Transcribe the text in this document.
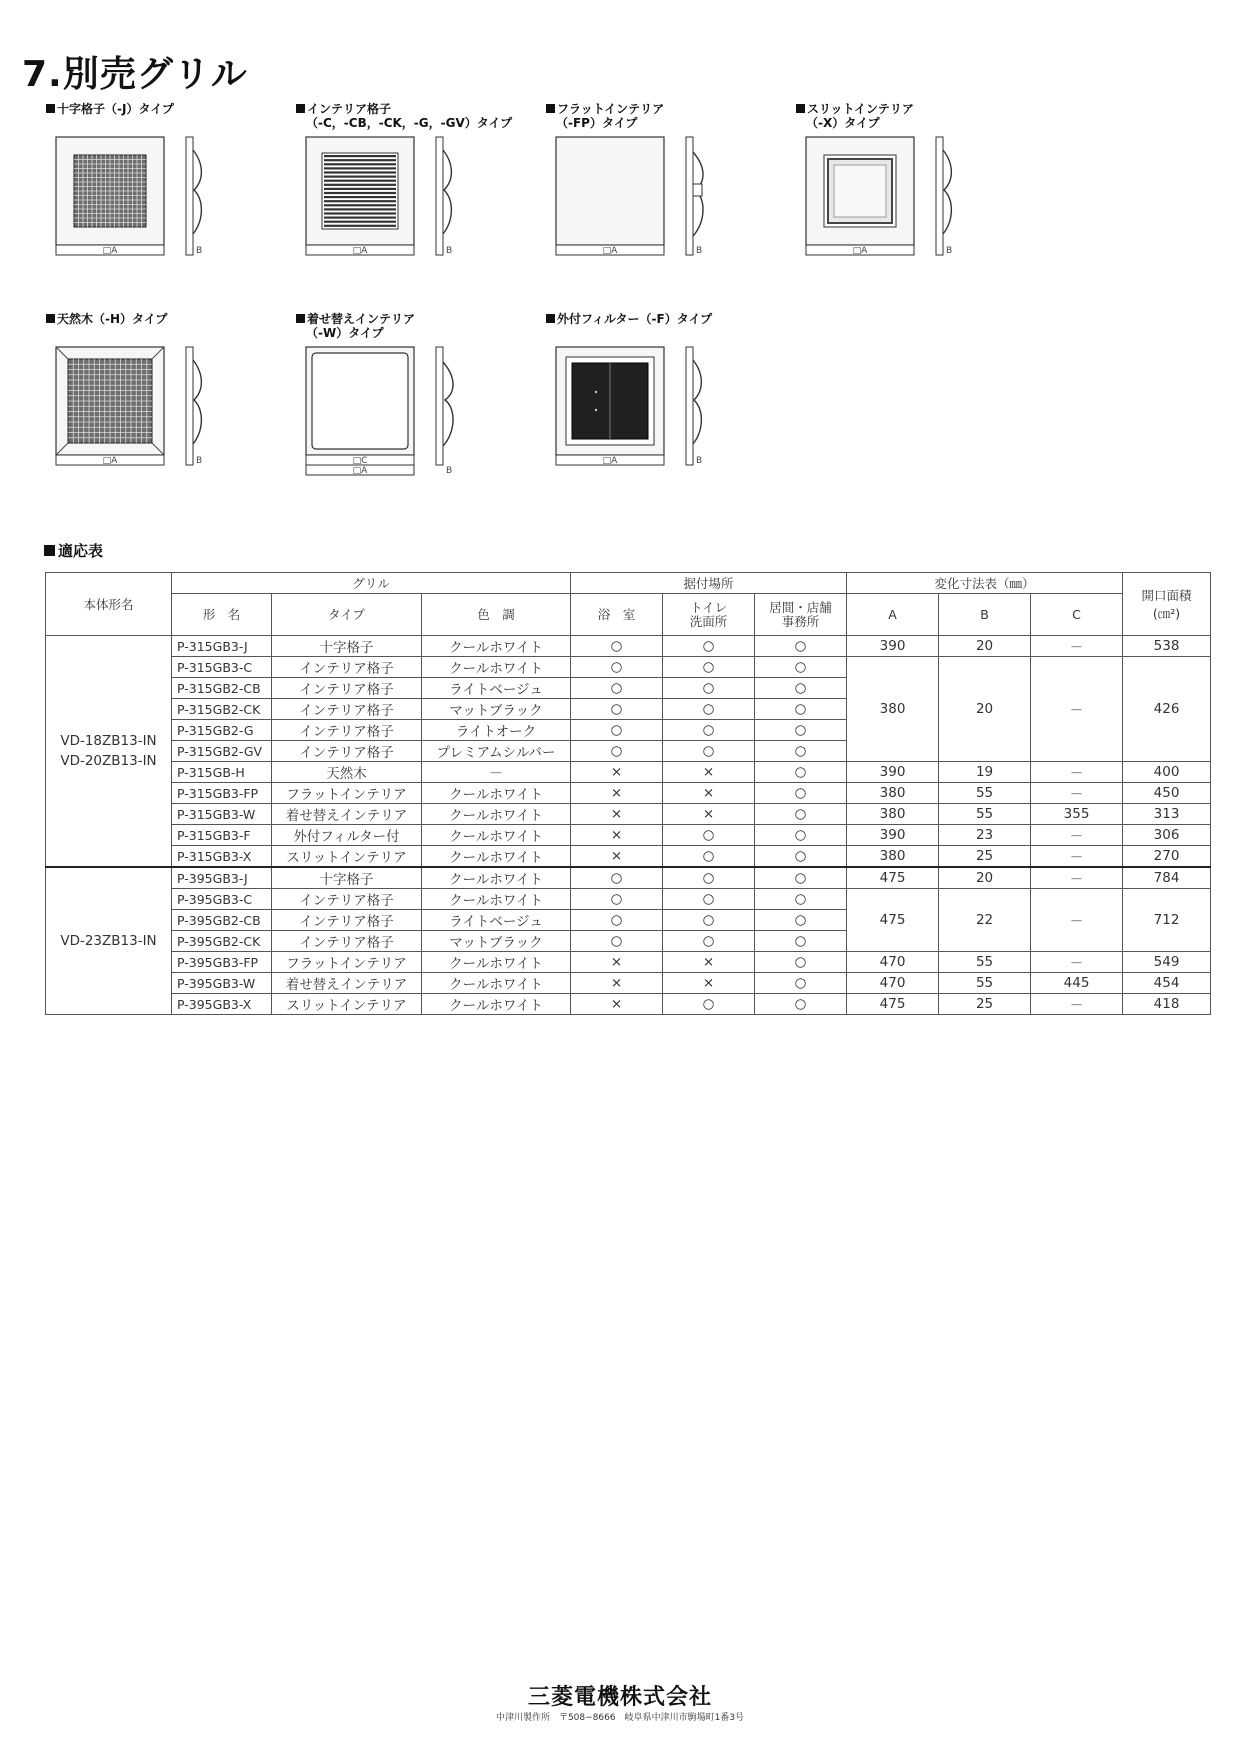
7.別売グリル
十字格子（-J）タイプ
□A	B
インテリア格子
（-C，-CB，-CK，-G，-GV）タイプ
□A	B
フラットインテリア
（-FP）タイプ
□A	B
スリットインテリア
（-X）タイプ
□A	B
天然木（-H）タイプ
□A	B
着せ替えインテリア
（-W）タイプ
□A
□C
B
外付フィルター（-F）タイプ
□A	B
適応表
本体形名	グリル			据付場所			変化寸法表（㎜）			開口面積
(㎝²)
	形　名	タイプ	色　調	浴　室	トイレ
洗面所	居間・店舗
事務所	A	B	C	
VD-18ZB13-IN
VD-20ZB13-IN	P-315GB3-J	十字格子	クールホワイト	○	○	○	390	20	－	538
	P-315GB3-C	インテリア格子	クールホワイト	○	○	○	380	20	－	426
	P-315GB2-CB	インテリア格子	ライトベージュ	○	○	○				
	P-315GB2-CK	インテリア格子	マットブラック	○	○	○				
	P-315GB2-G	インテリア格子	ライトオーク	○	○	○				
	P-315GB2-GV	インテリア格子	プレミアムシルバー	○	○	○				
	P-315GB-H	天然木	－	×	×	○	390	19	－	400
	P-315GB3-FP	フラットインテリア	クールホワイト	×	×	○	380	55	－	450
	P-315GB3-W	着せ替えインテリア	クールホワイト	×	×	○	380	55	355	313
	P-315GB3-F	外付フィルター付	クールホワイト	×	○	○	390	23	－	306
	P-315GB3-X	スリットインテリア	クールホワイト	×	○	○	380	25	－	270
VD-23ZB13-IN	P-395GB3-J	十字格子	クールホワイト	○	○	○	475	20	－	784
	P-395GB3-C	インテリア格子	クールホワイト	○	○	○	475	22	－	712
	P-395GB2-CB	インテリア格子	ライトベージュ	○	○	○				
	P-395GB2-CK	インテリア格子	マットブラック	○	○	○				
	P-395GB3-FP	フラットインテリア	クールホワイト	×	×	○	470	55	－	549
	P-395GB3-W	着せ替えインテリア	クールホワイト	×	×	○	470	55	445	454
	P-395GB3-X	スリットインテリア	クールホワイト	×	○	○	475	25	－	418
三菱電機株式会社
中津川製作所　〒508−8666　岐阜県中津川市駒場町1番3号
